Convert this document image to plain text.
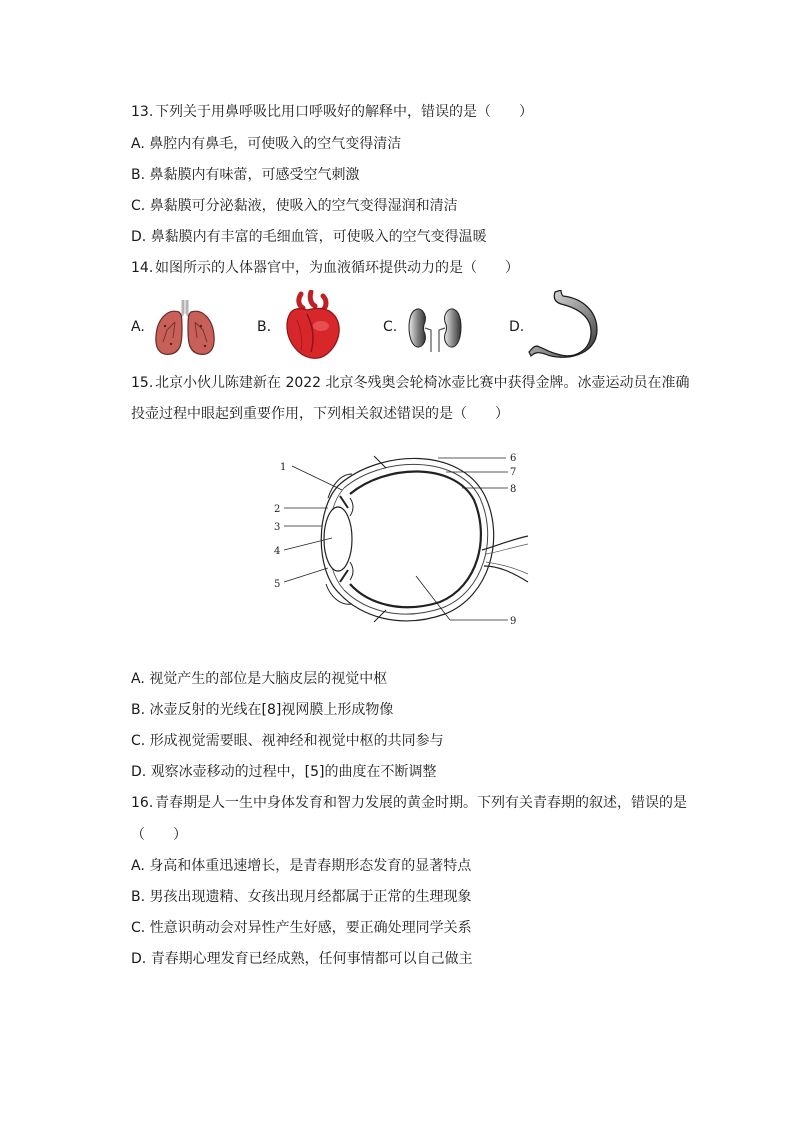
13. 下列关于用鼻呼吸比用口呼吸好的解释中，错误的是（　　）
A. 鼻腔内有鼻毛，可使吸入的空气变得清洁
B. 鼻黏膜内有味蕾，可感受空气刺激
C. 鼻黏膜可分泌黏液，使吸入的空气变得湿润和清洁
D. 鼻黏膜内有丰富的毛细血管，可使吸入的空气变得温暖
14. 如图所示的人体器官中，为血液循环提供动力的是（　　）
A.	B.	C.	D.
15. 北京小伙儿陈建新在 2022 北京冬残奥会轮椅冰壶比赛中获得金牌。冰壶运动员在准确
投壶过程中眼起到重要作用，下列相关叙述错误的是（　　）
1
2
3
4
5
6
7
8
9
A. 视觉产生的部位是大脑皮层的视觉中枢
B. 冰壶反射的光线在[8]视网膜上形成物像
C. 形成视觉需要眼、视神经和视觉中枢的共同参与
D. 观察冰壶移动的过程中，[5]的曲度在不断调整
16. 青春期是人一生中身体发育和智力发展的黄金时期。下列有关青春期的叙述，错误的是
（　　）
A. 身高和体重迅速增长，是青春期形态发育的显著特点
B. 男孩出现遗精、女孩出现月经都属于正常的生理现象
C. 性意识萌动会对异性产生好感，要正确处理同学关系
D. 青春期心理发育已经成熟，任何事情都可以自己做主
